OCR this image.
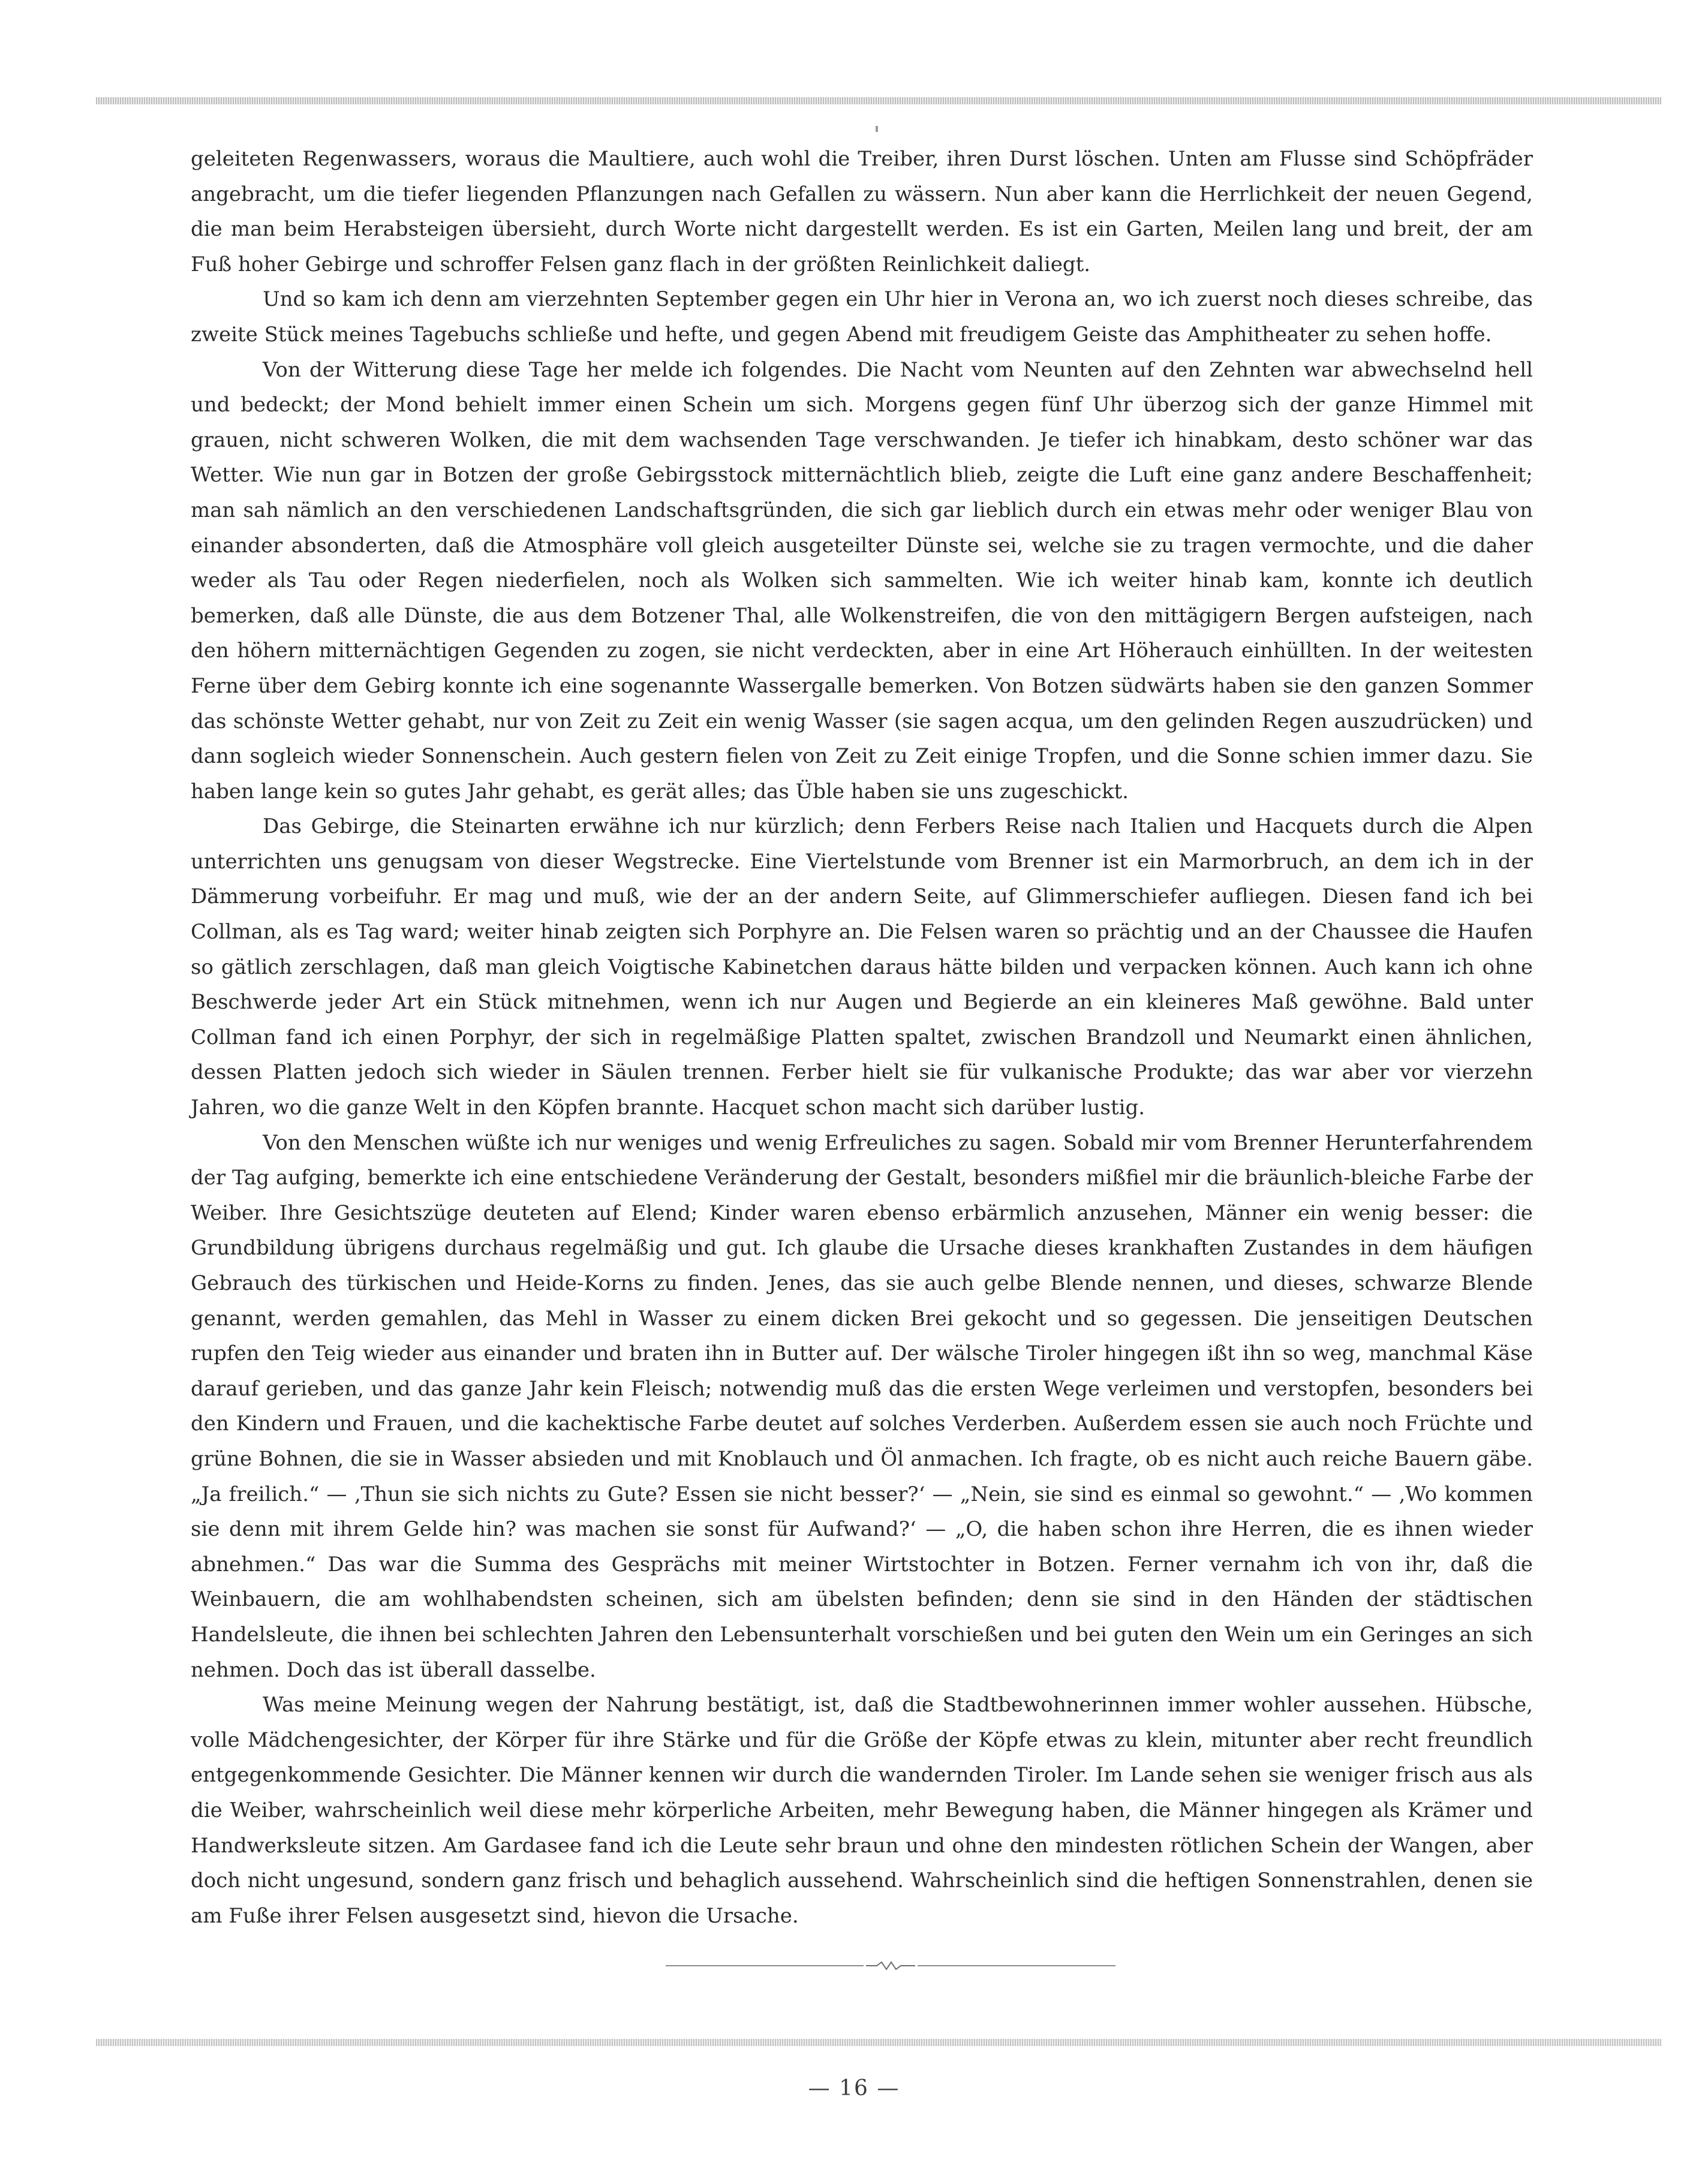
geleiteten Regenwassers, woraus die Maultiere, auch wohl die Treiber, ihren Durst löschen. Unten am Flusse sind Schöpfräder angebracht, um die tiefer liegenden Pflanzungen nach Gefallen zu wässern. Nun aber kann die Herrlichkeit der neuen Gegend, die man beim Herabsteigen übersieht, durch Worte nicht dargestellt werden. Es ist ein Garten, Meilen lang und breit, der am Fuß hoher Gebirge und schroffer Felsen ganz flach in der größten Reinlichkeit daliegt.

Und so kam ich denn am vierzehnten September gegen ein Uhr hier in Verona an, wo ich zuerst noch dieses schreibe, das zweite Stück meines Tagebuchs schließe und hefte, und gegen Abend mit freudigem Geiste das Amphitheater zu sehen hoffe.

Von der Witterung diese Tage her melde ich folgendes. Die Nacht vom Neunten auf den Zehnten war abwechselnd hell und bedeckt; der Mond behielt immer einen Schein um sich. Morgens gegen fünf Uhr überzog sich der ganze Himmel mit grauen, nicht schweren Wolken, die mit dem wachsenden Tage verschwanden. Je tiefer ich hinabkam, desto schöner war das Wetter. Wie nun gar in Botzen der große Gebirgsstock mitternächtlich blieb, zeigte die Luft eine ganz andere Beschaffenheit; man sah nämlich an den verschiedenen Landschaftsgründen, die sich gar lieblich durch ein etwas mehr oder weniger Blau von einander absonderten, daß die Atmosphäre voll gleich ausgeteilter Dünste sei, welche sie zu tragen vermochte, und die daher weder als Tau oder Regen niederfielen, noch als Wolken sich sammelten. Wie ich weiter hinab kam, konnte ich deutlich bemerken, daß alle Dünste, die aus dem Botzener Thal, alle Wolkenstreifen, die von den mittägigern Bergen aufsteigen, nach den höhern mitternächtigen Gegenden zu zogen, sie nicht verdeckten, aber in eine Art Höherauch einhüllten. In der weitesten Ferne über dem Gebirg konnte ich eine sogenannte Wassergalle bemerken. Von Botzen südwärts haben sie den ganzen Sommer das schönste Wetter gehabt, nur von Zeit zu Zeit ein wenig Wasser (sie sagen acqua, um den gelinden Regen auszudrücken) und dann sogleich wieder Sonnenschein. Auch gestern fielen von Zeit zu Zeit einige Tropfen, und die Sonne schien immer dazu. Sie haben lange kein so gutes Jahr gehabt, es gerät alles; das Üble haben sie uns zugeschickt.

Das Gebirge, die Steinarten erwähne ich nur kürzlich; denn Ferbers Reise nach Italien und Hacquets durch die Alpen unterrichten uns genugsam von dieser Wegstrecke. Eine Viertelstunde vom Brenner ist ein Marmorbruch, an dem ich in der Dämmerung vorbeifuhr. Er mag und muß, wie der an der andern Seite, auf Glimmerschiefer aufliegen. Diesen fand ich bei Collman, als es Tag ward; weiter hinab zeigten sich Porphyre an. Die Felsen waren so prächtig und an der Chaussee die Haufen so gätlich zerschlagen, daß man gleich Voigtische Kabinetchen daraus hätte bilden und verpacken können. Auch kann ich ohne Beschwerde jeder Art ein Stück mitnehmen, wenn ich nur Augen und Begierde an ein kleineres Maß gewöhne. Bald unter Collman fand ich einen Porphyr, der sich in regelmäßige Platten spaltet, zwischen Brandzoll und Neumarkt einen ähnlichen, dessen Platten jedoch sich wieder in Säulen trennen. Ferber hielt sie für vulkanische Produkte; das war aber vor vierzehn Jahren, wo die ganze Welt in den Köpfen brannte. Hacquet schon macht sich darüber lustig.

Von den Menschen wüßte ich nur weniges und wenig Erfreuliches zu sagen. Sobald mir vom Brenner Herunterfahrendem der Tag aufging, bemerkte ich eine entschiedene Veränderung der Gestalt, besonders mißfiel mir die bräunlich-bleiche Farbe der Weiber. Ihre Gesichtszüge deuteten auf Elend; Kinder waren ebenso erbärmlich anzusehen, Männer ein wenig besser: die Grundbildung übrigens durchaus regelmäßig und gut. Ich glaube die Ursache dieses krankhaften Zustandes in dem häufigen Gebrauch des türkischen und Heide-Korns zu finden. Jenes, das sie auch gelbe Blende nennen, und dieses, schwarze Blende genannt, werden gemahlen, das Mehl in Wasser zu einem dicken Brei gekocht und so gegessen. Die jenseitigen Deutschen rupfen den Teig wieder aus einander und braten ihn in Butter auf. Der wälsche Tiroler hingegen ißt ihn so weg, manchmal Käse darauf gerieben, und das ganze Jahr kein Fleisch; notwendig muß das die ersten Wege verleimen und verstopfen, besonders bei den Kindern und Frauen, und die kachektische Farbe deutet auf solches Verderben. Außerdem essen sie auch noch Früchte und grüne Bohnen, die sie in Wasser absieden und mit Knoblauch und Öl anmachen. Ich fragte, ob es nicht auch reiche Bauern gäbe. „Ja freilich.“ — ‚Thun sie sich nichts zu Gute? Essen sie nicht besser?‘ — „Nein, sie sind es einmal so gewohnt.“ — ‚Wo kommen sie denn mit ihrem Gelde hin? was machen sie sonst für Aufwand?‘ — „O, die haben schon ihre Herren, die es ihnen wieder abnehmen.“ Das war die Summa des Gesprächs mit meiner Wirtstochter in Botzen. Ferner vernahm ich von ihr, daß die Weinbauern, die am wohlhabendsten scheinen, sich am übelsten befinden; denn sie sind in den Händen der städtischen Handelsleute, die ihnen bei schlechten Jahren den Lebensunterhalt vorschießen und bei guten den Wein um ein Geringes an sich nehmen. Doch das ist überall dasselbe.

Was meine Meinung wegen der Nahrung bestätigt, ist, daß die Stadtbewohnerinnen immer wohler aussehen. Hübsche, volle Mädchengesichter, der Körper für ihre Stärke und für die Größe der Köpfe etwas zu klein, mitunter aber recht freundlich entgegenkommende Gesichter. Die Männer kennen wir durch die wandernden Tiroler. Im Lande sehen sie weniger frisch aus als die Weiber, wahrscheinlich weil diese mehr körperliche Arbeiten, mehr Bewegung haben, die Männer hingegen als Krämer und Handwerksleute sitzen. Am Gardasee fand ich die Leute sehr braun und ohne den mindesten rötlichen Schein der Wangen, aber doch nicht ungesund, sondern ganz frisch und behaglich aussehend. Wahrscheinlich sind die heftigen Sonnenstrahlen, denen sie am Fuße ihrer Felsen ausgesetzt sind, hievon die Ursache.

— 16 —
